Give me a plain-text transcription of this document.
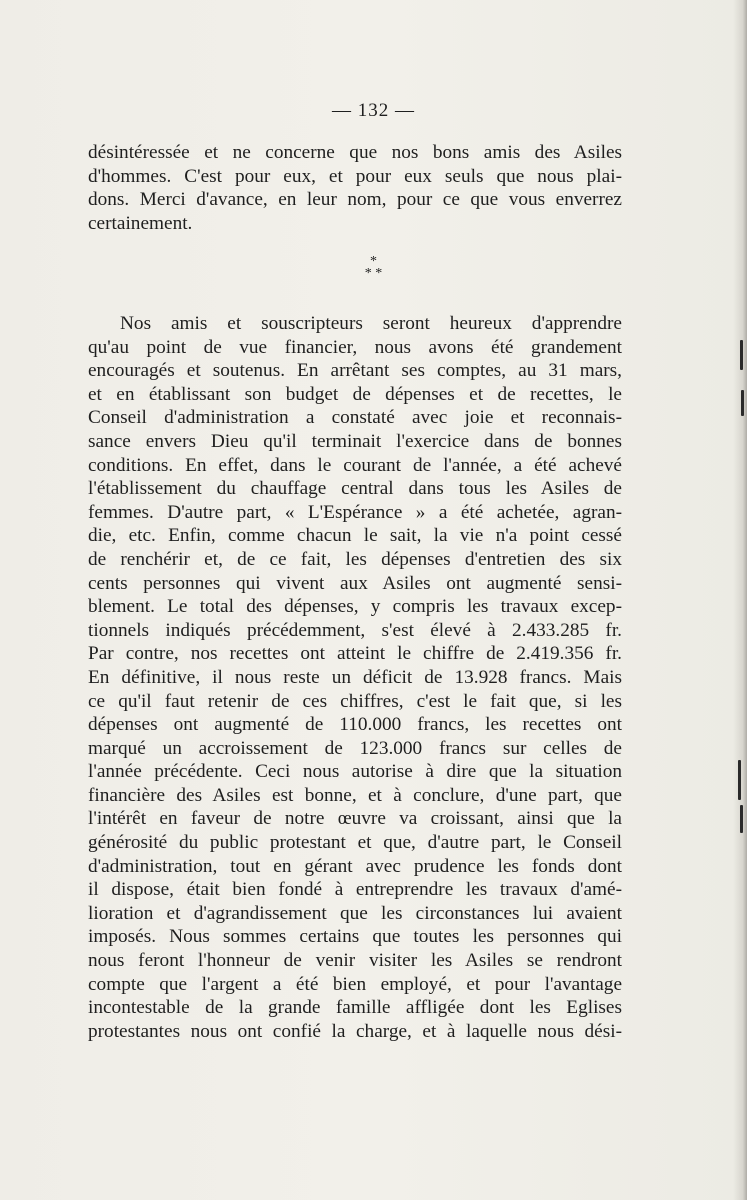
— 132 —
désintéressée et ne concerne que nos bons amis des Asiles
d'hommes. C'est pour eux, et pour eux seuls que nous plai-
dons. Merci d'avance, en leur nom, pour ce que vous enverrez
certainement.
*
* *
Nos amis et souscripteurs seront heureux d'apprendre
qu'au point de vue financier, nous avons été grandement
encouragés et soutenus. En arrêtant ses comptes, au 31 mars,
et en établissant son budget de dépenses et de recettes, le
Conseil d'administration a constaté avec joie et reconnais-
sance envers Dieu qu'il terminait l'exercice dans de bonnes
conditions. En effet, dans le courant de l'année, a été achevé
l'établissement du chauffage central dans tous les Asiles de
femmes. D'autre part, « L'Espérance » a été achetée, agran-
die, etc. Enfin, comme chacun le sait, la vie n'a point cessé
de renchérir et, de ce fait, les dépenses d'entretien des six
cents personnes qui vivent aux Asiles ont augmenté sensi-
blement. Le total des dépenses, y compris les travaux excep-
tionnels indiqués précédemment, s'est élevé à 2.433.285 fr.
Par contre, nos recettes ont atteint le chiffre de 2.419.356 fr.
En définitive, il nous reste un déficit de 13.928 francs. Mais
ce qu'il faut retenir de ces chiffres, c'est le fait que, si les
dépenses ont augmenté de 110.000 francs, les recettes ont
marqué un accroissement de 123.000 francs sur celles de
l'année précédente. Ceci nous autorise à dire que la situation
financière des Asiles est bonne, et à conclure, d'une part, que
l'intérêt en faveur de notre œuvre va croissant, ainsi que la
générosité du public protestant et que, d'autre part, le Conseil
d'administration, tout en gérant avec prudence les fonds dont
il dispose, était bien fondé à entreprendre les travaux d'amé-
lioration et d'agrandissement que les circonstances lui avaient
imposés. Nous sommes certains que toutes les personnes qui
nous feront l'honneur de venir visiter les Asiles se rendront
compte que l'argent a été bien employé, et pour l'avantage
incontestable de la grande famille affligée dont les Eglises
protestantes nous ont confié la charge, et à laquelle nous dési-
